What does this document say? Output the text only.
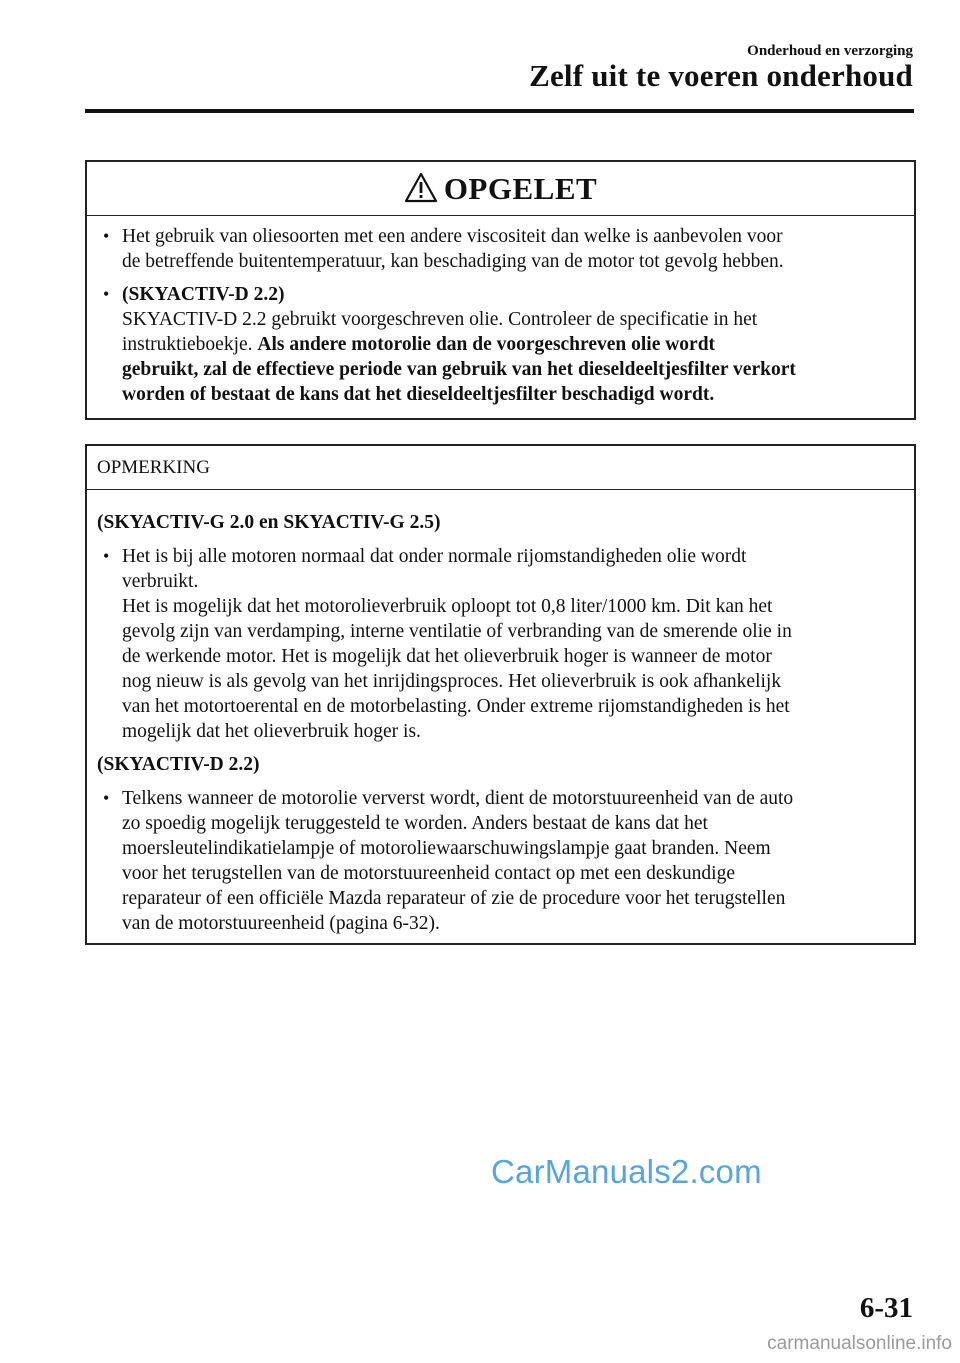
Onderhoud en verzorging
Zelf uit te voeren onderhoud
OPGELET
• Het gebruik van oliesoorten met een andere viscositeit dan welke is aanbevolen voor
de betreffende buitentemperatuur, kan beschadiging van de motor tot gevolg hebben.
• (SKYACTIV-D 2.2)
SKYACTIV-D 2.2 gebruikt voorgeschreven olie. Controleer de specificatie in het
instruktieboekje. Als andere motorolie dan de voorgeschreven olie wordt
gebruikt, zal de effectieve periode van gebruik van het dieseldeeltjesfilter verkort
worden of bestaat de kans dat het dieseldeeltjesfilter beschadigd wordt.
OPMERKING
(SKYACTIV-G 2.0 en SKYACTIV-G 2.5)
• Het is bij alle motoren normaal dat onder normale rijomstandigheden olie wordt
verbruikt.
Het is mogelijk dat het motorolieverbruik oploopt tot 0,8 liter/1000 km. Dit kan het
gevolg zijn van verdamping, interne ventilatie of verbranding van de smerende olie in
de werkende motor. Het is mogelijk dat het olieverbruik hoger is wanneer de motor
nog nieuw is als gevolg van het inrijdingsproces. Het olieverbruik is ook afhankelijk
van het motortoerental en de motorbelasting. Onder extreme rijomstandigheden is het
mogelijk dat het olieverbruik hoger is.
(SKYACTIV-D 2.2)
• Telkens wanneer de motorolie ververst wordt, dient de motorstuureenheid van de auto
zo spoedig mogelijk teruggesteld te worden. Anders bestaat de kans dat het
moersleutelindikatielampje of motoroliewaarschuwingslampje gaat branden. Neem
voor het terugstellen van de motorstuureenheid contact op met een deskundige
reparateur of een officiële Mazda reparateur of zie de procedure voor het terugstellen
van de motorstuureenheid (pagina 6-32).
CarManuals2.com
6-31
carmanualsonline.info
